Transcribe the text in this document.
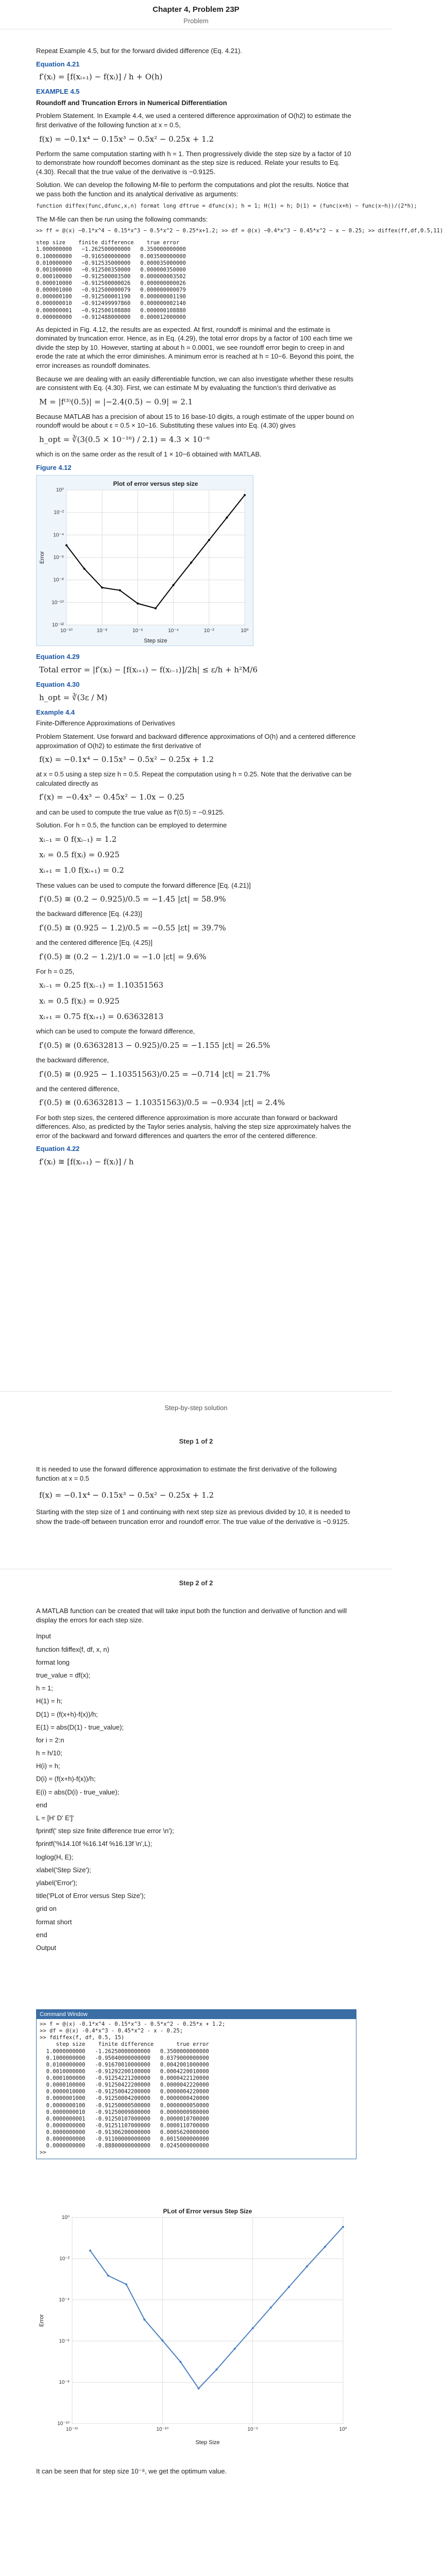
Chapter 4, Problem 23P
Problem

Repeat Example 4.5, but for the forward divided difference (Eq. 4.21).

Equation 4.21
f′(xᵢ) = [f(xᵢ₊₁) − f(xᵢ)] / h + O(h)
EXAMPLE 4.5

Roundoff and Truncation Errors in Numerical Differentiation

Problem Statement. In Example 4.4, we used a centered difference approximation of O(h2) to estimate the first derivative of the following function at x = 0.5,

f(x) = −0.1x⁴ − 0.15x³ − 0.5x² − 0.25x + 1.2

Perform the same computation starting with h = 1. Then progressively divide the step size by a factor of 10 to demonstrate how roundoff becomes dominant as the step size is reduced. Relate your results to Eq. (4.30). Recall that the true value of the derivative is −0.9125.

Solution. We can develop the following M-file to perform the computations and plot the results. Notice that we pass both the function and its analytical derivative as arguments:

function diffex(func,dfunc,x,n) format long dftrue = dfunc(x); h = 1; H(1) = h; D(1) = (func(x+h) − func(x−h))/(2*h);

The M-file can then be run using the following commands:

>> ff = @(x) −0.1*x^4 − 0.15*x^3 − 0.5*x^2 − 0.25*x+1.2; >> df = @(x) −0.4*x^3 − 0.45*x^2 − x − 0.25; >> diffex(ff,df,0.5,11)
step size    finite difference    true error
1.000000000   −1.262500000000   0.350000000000
0.100000000   −0.916500000000   0.003500000000
0.010000000   −0.912535000000   0.000035000000
0.001000000   −0.912500350000   0.000000350000
0.000100000   −0.912500003500   0.000000003502
0.000010000   −0.912500000026   0.000000000026
0.000001000   −0.912500000079   0.000000000079
0.000000100   −0.912500001190   0.000000001190
0.000000010   −0.912499997860   0.000000002140
0.000000001   −0.912500108880   0.000000108880
0.000000000   −0.912488000000   0.000012000000

As depicted in Fig. 4.12, the results are as expected. At first, roundoff is minimal and the estimate is dominated by truncation error. Hence, as in Eq. (4.29), the total error drops by a factor of 100 each time we divide the step by 10. However, starting at about h = 0.0001, we see roundoff error begin to creep in and erode the rate at which the error diminishes. A minimum error is reached at h = 10−6. Beyond this point, the error increases as roundoff dominates.

Because we are dealing with an easily differentiable function, we can also investigate whether these results are consistent with Eq. (4.30). First, we can estimate M by evaluating the function’s third derivative as

M = |f⁽³⁾(0.5)| = |−2.4(0.5) − 0.9| = 2.1

Because MATLAB has a precision of about 15 to 16 base-10 digits, a rough estimate of the upper bound on roundoff would be about ε = 0.5 × 10−16. Substituting these values into Eq. (4.30) gives

h_opt = ∛(3(0.5 × 10⁻¹⁶) / 2.1) = 4.3 × 10⁻⁶

which is on the same order as the result of 1 × 10−6 obtained with MATLAB.

Figure 4.12
10⁻¹⁰	10⁻⁸	10⁻⁶	10⁻⁴	10⁻²	10⁰
10⁰
10⁻²
10⁻⁴
10⁻⁶
10⁻⁸
10⁻¹⁰
10⁻¹²
Plot of error versus step size
Step size
Error
Equation 4.29
Total error = |f′(xᵢ) − [f(xᵢ₊₁) − f(xᵢ₋₁)]/2h| ≤ ε/h + h²M/6
Equation 4.30
h_opt = ∛(3ε / M)
Example 4.4

Finite-Difference Approximations of Derivatives

Problem Statement. Use forward and backward difference approximations of O(h) and a centered difference approximation of O(h2) to estimate the first derivative of

f(x) = −0.1x⁴ − 0.15x³ − 0.5x² − 0.25x + 1.2

at x = 0.5 using a step size h = 0.5. Repeat the computation using h = 0.25. Note that the derivative can be calculated directly as

f′(x) = −0.4x³ − 0.45x² − 1.0x − 0.25

and can be used to compute the true value as f′(0.5) = −0.9125.

Solution. For h = 0.5, the function can be employed to determine

xᵢ₋₁ = 0 f(xᵢ₋₁) = 1.2
xᵢ = 0.5 f(xᵢ) = 0.925
xᵢ₊₁ = 1.0 f(xᵢ₊₁) = 0.2

These values can be used to compute the forward difference [Eq. (4.21)]

f′(0.5) ≅ (0.2 − 0.925)/0.5 = −1.45 |εt| = 58.9%

the backward difference [Eq. (4.23)]

f′(0.5) ≅ (0.925 − 1.2)/0.5 = −0.55 |εt| = 39.7%

and the centered difference [Eq. (4.25)]

f′(0.5) ≅ (0.2 − 1.2)/1.0 = −1.0 |εt| = 9.6%

For h = 0.25,

xᵢ₋₁ = 0.25 f(xᵢ₋₁) = 1.10351563
xᵢ = 0.5 f(xᵢ) = 0.925
xᵢ₊₁ = 0.75 f(xᵢ₊₁) = 0.63632813

which can be used to compute the forward difference,

f′(0.5) ≅ (0.63632813 − 0.925)/0.25 = −1.155 |εt| = 26.5%

the backward difference,

f′(0.5) ≅ (0.925 − 1.10351563)/0.25 = −0.714 |εt| = 21.7%

and the centered difference,

f′(0.5) ≅ (0.63632813 − 1.10351563)/0.5 = −0.934 |εt| = 2.4%

For both step sizes, the centered difference approximation is more accurate than forward or backward differences. Also, as predicted by the Taylor series analysis, halving the step size approximately halves the error of the backward and forward differences and quarters the error of the centered difference.

Equation 4.22
f′(xᵢ) ≅ [f(xᵢ₊₁) − f(xᵢ)] / h
Step-by-step solution
Step 1 of 2

It is needed to use the forward difference approximation to estimate the first derivative of the following function at x = 0.5

f(x) = −0.1x⁴ − 0.15x³ − 0.5x² − 0.25x + 1.2

Starting with the step size of 1 and continuing with next step size as previous divided by 10, it is needed to show the trade-off between truncation error and roundoff error. The true value of the derivative is −0.9125.

Step 2 of 2

A MATLAB function can be created that will take input both the function and derivative of function and will display the errors for each step size.

Input
function fdiffex(f, df, x, n)
format long
true_value = df(x);
h = 1;
H(1) = h;
D(1) = (f(x+h)-f(x))/h;
E(1) = abs(D(1) - true_value);
for i = 2:n
h = h/10;
H(i) = h;
D(i) = (f(x+h)-f(x))/h;
E(i) = abs(D(i) - true_value);
end
L = [H' D' E']'
fprintf(' step size finite difference true error \n');
fprintf('%14.10f %16.14f %16.13f \n',L);
loglog(H, E);
xlabel('Step Size');
ylabel('Error');
title('PLot of Error versus Step Size');
grid on
format short
end
Output
Command Window
>> f = @(x) -0.1*x^4 - 0.15*x^3 - 0.5*x^2 - 0.25*x + 1.2;
>> df = @(x) -0.4*x^3 - 0.45*x^2 - x - 0.25;
>> fdiffex(f, df, 0.5, 15)
step size    finite difference       true error
1.0000000000   -1.26250000000000   0.3500000000000
0.1000000000   -0.95040000000000   0.0379000000000
0.0100000000   -0.91670010000000   0.0042001000000
0.0010000000   -0.91292200100000   0.0004220010000
0.0001000000   -0.91254221200000   0.0000422120000
0.0000100000   -0.91250422200000   0.0000042220000
0.0000010000   -0.91250042200000   0.0000004220000
0.0000001000   -0.91250004200000   0.0000000420000
0.0000000100   -0.91250000500000   0.0000000050000
0.0000000010   -0.91250009800000   0.0000000980000
0.0000000001   -0.91250107000000   0.0000010700000
0.0000000000   -0.91251107000000   0.0000110700000
0.0000000000   -0.91306200000000   0.0005620000000
0.0000000000   -0.91100000000000   0.0015000000000
0.0000000000   -0.88800000000000   0.0245000000000
>>
10⁻¹⁵	10⁻¹⁰	10⁻⁵	10⁰
10⁰
10⁻²
10⁻⁴
10⁻⁶
10⁻⁸
10⁻¹⁰
PLot of Error versus Step Size
Step Size
Error

It can be seen that for step size 10⁻⁸, we get the optimum value.
